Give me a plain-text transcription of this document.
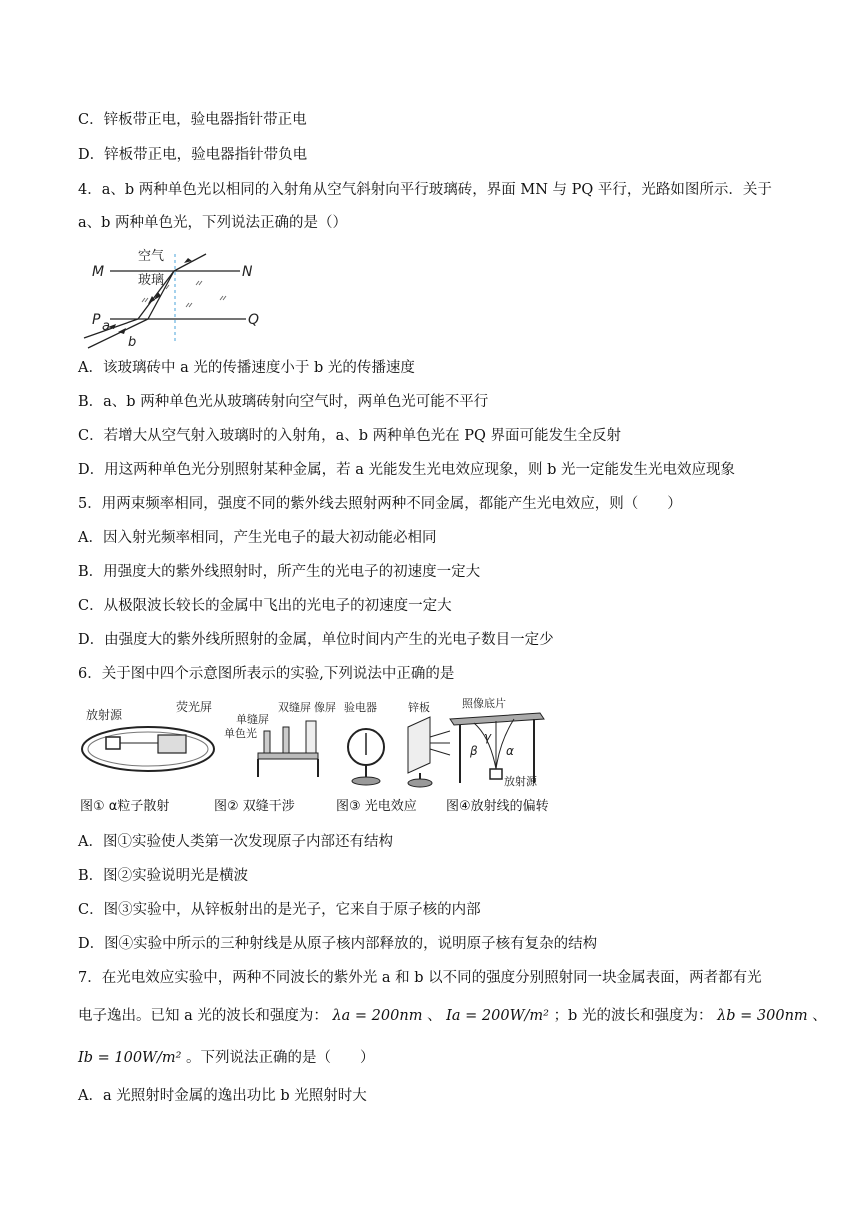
C．锌板带正电，验电器指针带正电
D．锌板带正电，验电器指针带负电
4．a、b 两种单色光以相同的入射角从空气斜射向平行玻璃砖，界面 MN 与 PQ 平行，光路如图所示．关于
a、b 两种单色光，下列说法正确的是（）
空气
玻璃
M	N
P a	Q
b
A．该玻璃砖中 a 光的传播速度小于 b 光的传播速度
B．a、b 两种单色光从玻璃砖射向空气时，两单色光可能不平行
C．若增大从空气射入玻璃时的入射角，a、b 两种单色光在 PQ 界面可能发生全反射
D．用这两种单色光分别照射某种金属，若 a 光能发生光电效应现象，则 b 光一定能发生光电效应现象
5．用两束频率相同，强度不同的紫外线去照射两种不同金属，都能产生光电效应，则（　　）
A．因入射光频率相同，产生光电子的最大初动能必相同
B．用强度大的紫外线照射时，所产生的光电子的初速度一定大
C．从极限波长较长的金属中飞出的光电子的初速度一定大
D．由强度大的紫外线所照射的金属，单位时间内产生的光电子数目一定少
6．关于图中四个示意图所表示的实验,下列说法中正确的是
放射源
荧光屏
单缝屏
双缝屏 像屏
单色光
验电器	锌板	照像底片
β
γ
α
放射源
图① α粒子散射	图② 双缝干涉	图③ 光电效应 图④放射线的偏转
A．图①实验使人类第一次发现原子内部还有结构
B．图②实验说明光是横波
C．图③实验中，从锌板射出的是光子，它来自于原子核的内部
D．图④实验中所示的三种射线是从原子核内部释放的，说明原子核有复杂的结构
7．在光电效应实验中，两种不同波长的紫外光 a 和 b 以不同的强度分别照射同一块金属表面，两者都有光
电子逸出。已知 a 光的波长和强度为： λa = 200nm 、 Ia = 200W/m² ；b 光的波长和强度为： λb = 300nm 、
Ib = 100W/m² 。下列说法正确的是（　　）
A．a 光照射时金属的逸出功比 b 光照射时大
